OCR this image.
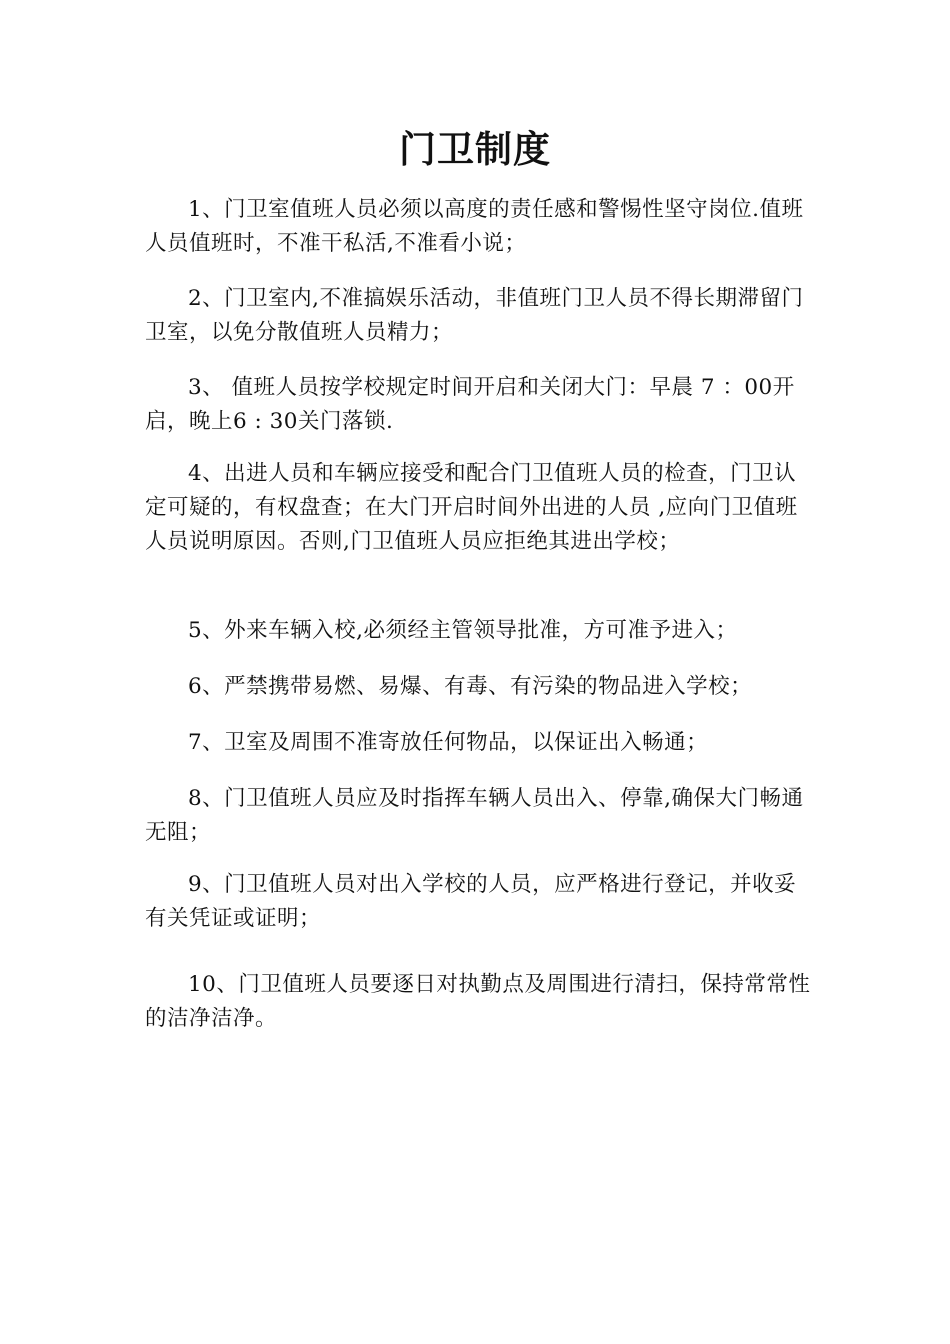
门卫制度
1、门卫室值班人员必须以高度的责任感和警惕性坚守岗位.值班人员值班时，不准干私活,不准看小说；
2、门卫室内,不准搞娱乐活动，非值班门卫人员不得长期滞留门卫室，以免分散值班人员精力；
3、 值班人员按学校规定时间开启和关闭大门：早晨 7 ：00开启，晚上6 : 30关门落锁.
4、出进人员和车辆应接受和配合门卫值班人员的检查，门卫认定可疑的，有权盘查；在大门开启时间外出进的人员 ,应向门卫值班人员说明原因。否则,门卫值班人员应拒绝其进出学校；
5、外来车辆入校,必须经主管领导批准，方可准予进入；
6、严禁携带易燃、易爆、有毒、有污染的物品进入学校；
7、卫室及周围不准寄放任何物品，以保证出入畅通；
8、门卫值班人员应及时指挥车辆人员出入、停靠,确保大门畅通无阻；
9、门卫值班人员对出入学校的人员，应严格进行登记，并收妥有关凭证或证明；
10、门卫值班人员要逐日对执勤点及周围进行清扫，保持常常性的洁净洁净。
